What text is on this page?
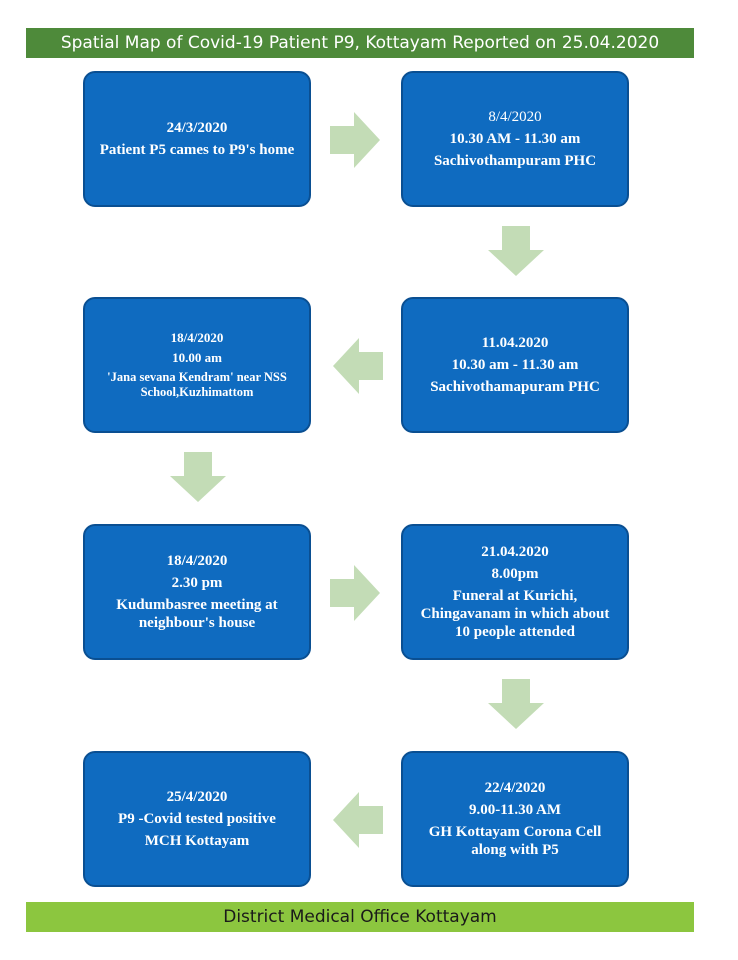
Spatial Map of Covid-19 Patient P9, Kottayam Reported on 25.04.2020
24/3/2020
Patient P5 cames to P9's home
8/4/2020
10.30 AM - 11.30 am
Sachivothampuram PHC
11.04.2020
10.30 am - 11.30 am
Sachivothamapuram PHC
18/4/2020
10.00 am
'Jana sevana Kendram' near NSS School,Kuzhimattom
18/4/2020
2.30 pm
Kudumbasree meeting at neighbour's house
21.04.2020
8.00pm
Funeral at Kurichi, Chingavanam in which about 10 people attended
22/4/2020
9.00-11.30 AM
GH Kottayam Corona Cell along with P5
25/4/2020
P9 -Covid tested positive
MCH Kottayam
District Medical Office Kottayam
